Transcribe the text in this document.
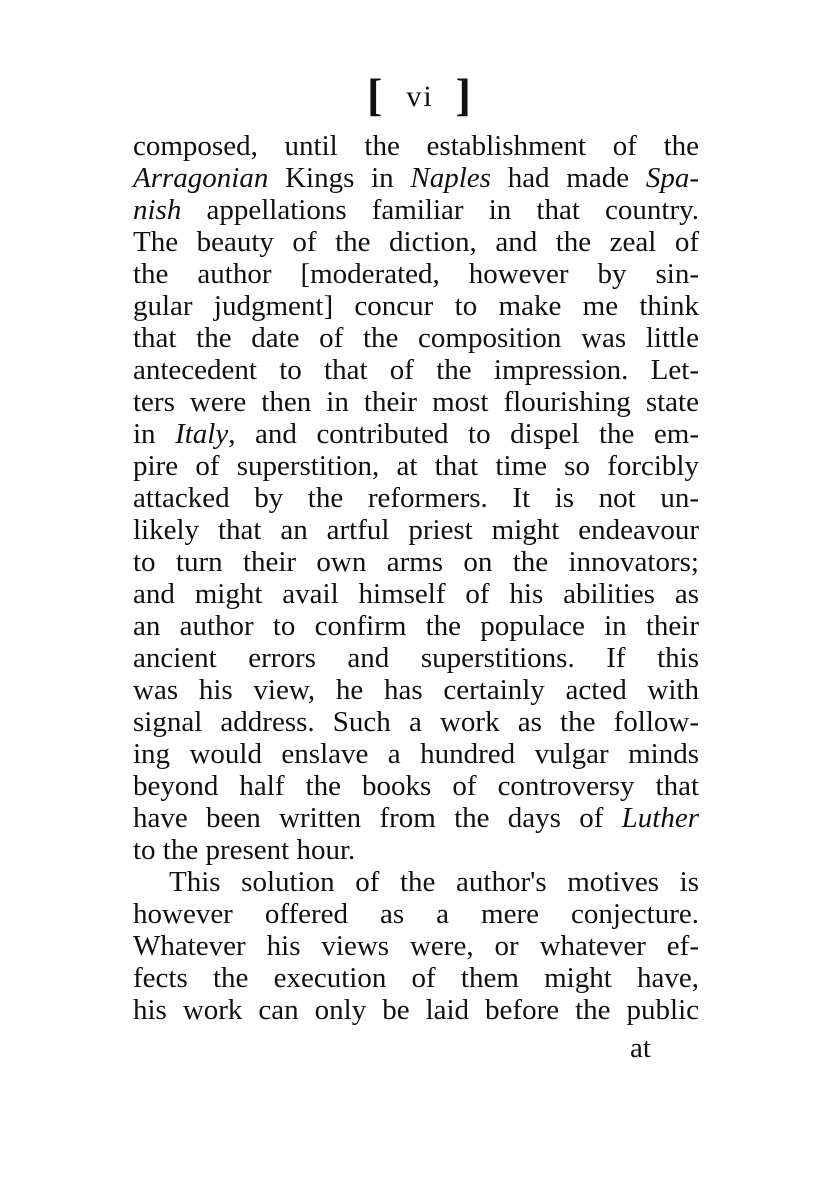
[ vi ]
composed, until the establishment of the
Arragonian Kings in Naples had made Spa-
nish appellations familiar in that country.
The beauty of the diction, and the zeal of
the author [moderated, however by sin-
gular judgment] concur to make me think
that the date of the composition was little
antecedent to that of the impression. Let-
ters were then in their most flourishing state
in Italy, and contributed to dispel the em-
pire of superstition, at that time so forcibly
attacked by the reformers. It is not un-
likely that an artful priest might endeavour
to turn their own arms on the innovators;
and might avail himself of his abilities as
an author to confirm the populace in their
ancient errors and superstitions. If this
was his view, he has certainly acted with
signal address. Such a work as the follow-
ing would enslave a hundred vulgar minds
beyond half the books of controversy that
have been written from the days of Luther
to the present hour.
This solution of the author's motives is
however offered as a mere conjecture.
Whatever his views were, or whatever ef-
fects the execution of them might have,
his work can only be laid before the public
at
